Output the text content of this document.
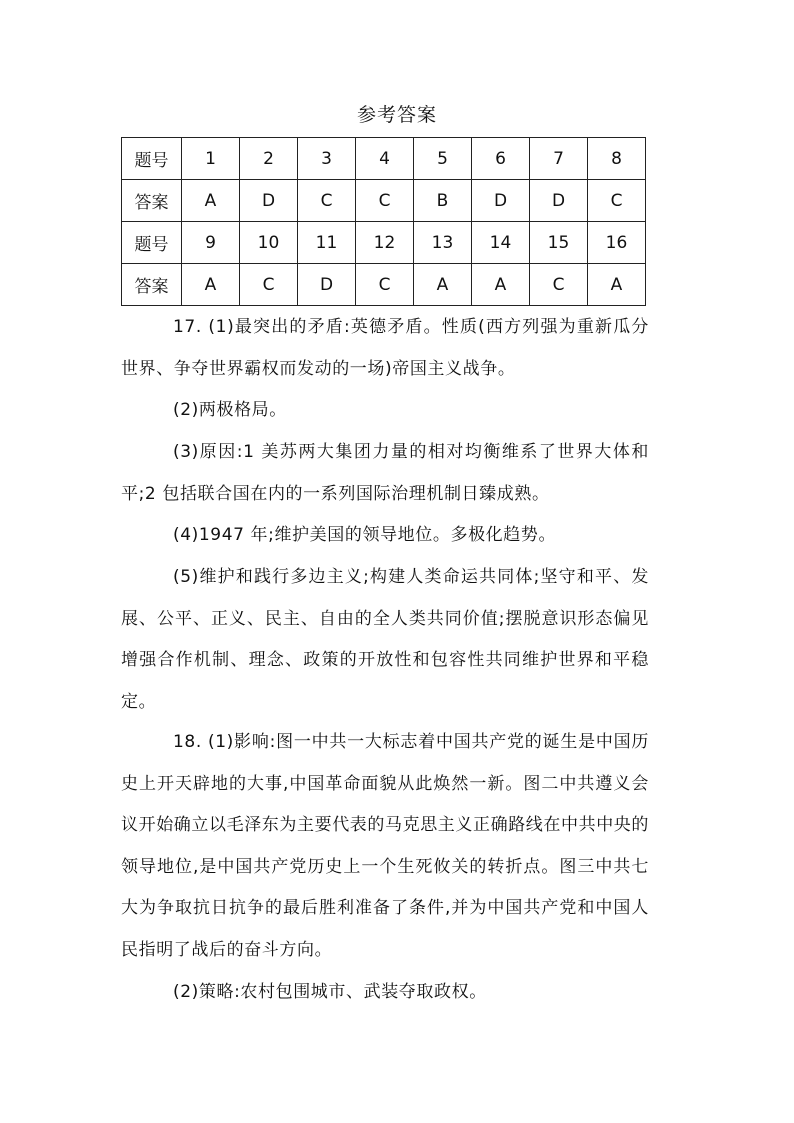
参考答案
题号	1	2	3	4	5	6	7	8
答案	A	D	C	C	B	D	D	C
题号	9	10	11	12	13	14	15	16
答案	A	C	D	C	A	A	C	A

17. (1)最突出的矛盾:英德矛盾。性质(西方列强为重新瓜分世界、争夺世界霸权而发动的一场)帝国主义战争。

(2)两极格局。

(3)原因:1 美苏两大集团力量的相对均衡维系了世界大体和平;2 包括联合国在内的一系列国际治理机制日臻成熟。

(4)1947 年;维护美国的领导地位。多极化趋势。

(5)维护和践行多边主义;构建人类命运共同体;坚守和平、发展、公平、正义、民主、自由的全人类共同价值;摆脱意识形态偏见增强合作机制、理念、政策的开放性和包容性共同维护世界和平稳定。

18. (1)影响:图一中共一大标志着中国共产党的诞生是中国历史上开天辟地的大事,中国革命面貌从此焕然一新。图二中共遵义会议开始确立以毛泽东为主要代表的马克思主义正确路线在中共中央的领导地位,是中国共产党历史上一个生死攸关的转折点。图三中共七大为争取抗日抗争的最后胜利准备了条件,并为中国共产党和中国人民指明了战后的奋斗方向。

(2)策略:农村包围城市、武装夺取政权。
